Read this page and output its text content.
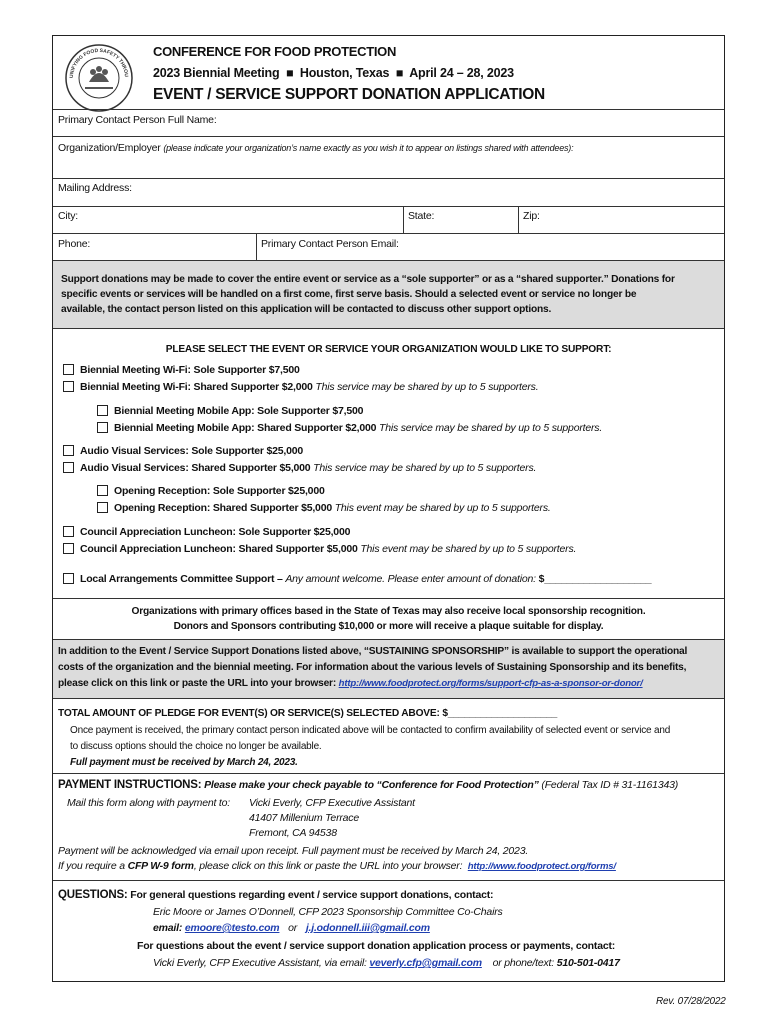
UNIFYING FOOD SAFETY THROU
CONFERENCE FOR FOOD PROTECTION
2023 Biennial Meeting  ■  Houston, Texas  ■  April 24 – 28, 2023
EVENT / SERVICE SUPPORT DONATION APPLICATION
Primary Contact Person Full Name:
Organization/Employer (please indicate your organization’s name exactly as you wish it to appear on listings shared with attendees):
Mailing Address:
City:	State:	Zip:
Phone:	Primary Contact Person Email:
Support donations may be made to cover the entire event or service as a “sole supporter” or as a “shared supporter.” Donations for
specific events or services will be handled on a first come, first serve basis. Should a selected event or service no longer be
available, the contact person listed on this application will be contacted to discuss other support options.
PLEASE SELECT THE EVENT OR SERVICE YOUR ORGANIZATION WOULD LIKE TO SUPPORT:
Biennial Meeting Wi-Fi: Sole Supporter $7,500
Biennial Meeting Wi-Fi: Shared Supporter $2,000 This service may be shared by up to 5 supporters.
Biennial Meeting Mobile App: Sole Supporter $7,500
Biennial Meeting Mobile App: Shared Supporter $2,000 This service may be shared by up to 5 supporters.
Audio Visual Services: Sole Supporter $25,000
Audio Visual Services: Shared Supporter $5,000 This service may be shared by up to 5 supporters.
Opening Reception: Sole Supporter $25,000
Opening Reception: Shared Supporter $5,000 This event may be shared by up to 5 supporters.
Council Appreciation Luncheon: Sole Supporter $25,000
Council Appreciation Luncheon: Shared Supporter $5,000 This event may be shared by up to 5 supporters.
Local Arrangements Committee Support – Any amount welcome. Please enter amount of donation: $___________________
Organizations with primary offices based in the State of Texas may also receive local sponsorship recognition.
Donors and Sponsors contributing $10,000 or more will receive a plaque suitable for display.
In addition to the Event / Service Support Donations listed above, “SUSTAINING SPONSORSHIP” is available to support the operational
costs of the organization and the biennial meeting. For information about the various levels of Sustaining Sponsorship and its benefits,
please click on this link or paste the URL into your browser: http://www.foodprotect.org/forms/support-cfp-as-a-sponsor-or-donor/
TOTAL AMOUNT OF PLEDGE FOR EVENT(S) OR SERVICE(S) SELECTED ABOVE: $____________________
Once payment is received, the primary contact person indicated above will be contacted to confirm availability of selected event or service and
to discuss options should the choice no longer be available.
Full payment must be received by March 24, 2023.
PAYMENT INSTRUCTIONS: Please make your check payable to “Conference for Food Protection” (Federal Tax ID # 31-1161343)
Mail this form along with payment to: Vicki Everly, CFP Executive Assistant
41407 Millenium Terrace
Fremont, CA 94538
Payment will be acknowledged via email upon receipt. Full payment must be received by March 24, 2023.
If you require a CFP W-9 form, please click on this link or paste the URL into your browser: http://www.foodprotect.org/forms/
QUESTIONS: For general questions regarding event / service support donations, contact:
Eric Moore or James O’Donnell, CFP 2023 Sponsorship Committee Co-Chairs
email: emoore@testo.com or j.j.odonnell.iii@gmail.com
For questions about the event / service support donation application process or payments, contact:
Vicki Everly, CFP Executive Assistant, via email: veverly.cfp@gmail.com or phone/text: 510-501-0417
Rev. 07/28/2022
